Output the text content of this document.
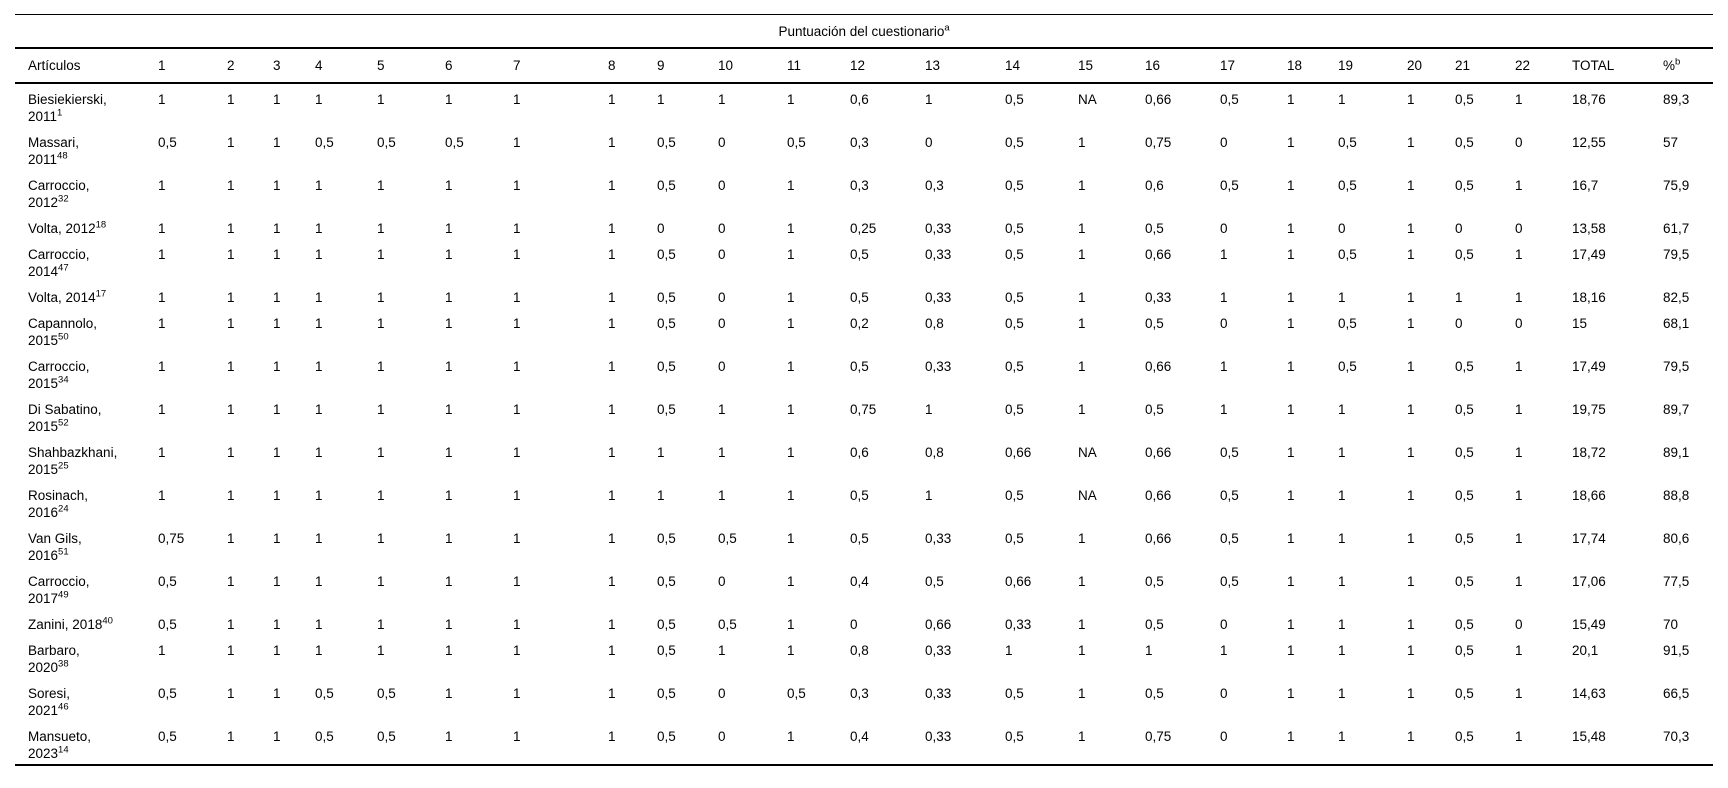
Puntuación del cuestionario$^a$
Artículos	1	2	3	4	5	6	7	8	9	10	11	12	13	14	15	16	17	18	19	20	21	22	TOTAL	%$^b$
Biesiekierski,
2011$^1$	1	1	1	1	1	1	1	1	1	1	1	0,6	1	0,5	NA	0,66	0,5	1	1	1	0,5	1	18,76	89,3
Massari,
2011$^{48}$	0,5	1	1	0,5	0,5	0,5	1	1	0,5	0	0,5	0,3	0	0,5	1	0,75	0	1	0,5	1	0,5	0	12,55	57
Carroccio,
2012$^{32}$	1	1	1	1	1	1	1	1	0,5	0	1	0,3	0,3	0,5	1	0,6	0,5	1	0,5	1	0,5	1	16,7	75,9
Volta, 2012$^{18}$	1	1	1	1	1	1	1	1	0	0	1	0,25	0,33	0,5	1	0,5	0	1	0	1	0	0	13,58	61,7
Carroccio,
2014$^{47}$	1	1	1	1	1	1	1	1	0,5	0	1	0,5	0,33	0,5	1	0,66	1	1	0,5	1	0,5	1	17,49	79,5
Volta, 2014$^{17}$	1	1	1	1	1	1	1	1	0,5	0	1	0,5	0,33	0,5	1	0,33	1	1	1	1	1	1	18,16	82,5
Capannolo,
2015$^{50}$	1	1	1	1	1	1	1	1	0,5	0	1	0,2	0,8	0,5	1	0,5	0	1	0,5	1	0	0	15	68,1
Carroccio,
2015$^{34}$	1	1	1	1	1	1	1	1	0,5	0	1	0,5	0,33	0,5	1	0,66	1	1	0,5	1	0,5	1	17,49	79,5
Di Sabatino,
2015$^{52}$	1	1	1	1	1	1	1	1	0,5	1	1	0,75	1	0,5	1	0,5	1	1	1	1	0,5	1	19,75	89,7
Shahbazkhani,
2015$^{25}$	1	1	1	1	1	1	1	1	1	1	1	0,6	0,8	0,66	NA	0,66	0,5	1	1	1	0,5	1	18,72	89,1
Rosinach,
2016$^{24}$	1	1	1	1	1	1	1	1	1	1	1	0,5	1	0,5	NA	0,66	0,5	1	1	1	0,5	1	18,66	88,8
Van Gils,
2016$^{51}$	0,75	1	1	1	1	1	1	1	0,5	0,5	1	0,5	0,33	0,5	1	0,66	0,5	1	1	1	0,5	1	17,74	80,6
Carroccio,
2017$^{49}$	0,5	1	1	1	1	1	1	1	0,5	0	1	0,4	0,5	0,66	1	0,5	0,5	1	1	1	0,5	1	17,06	77,5
Zanini, 2018$^{40}$	0,5	1	1	1	1	1	1	1	0,5	0,5	1	0	0,66	0,33	1	0,5	0	1	1	1	0,5	0	15,49	70
Barbaro,
2020$^{38}$	1	1	1	1	1	1	1	1	0,5	1	1	0,8	0,33	1	1	1	1	1	1	1	0,5	1	20,1	91,5
Soresi,
2021$^{46}$	0,5	1	1	0,5	0,5	1	1	1	0,5	0	0,5	0,3	0,33	0,5	1	0,5	0	1	1	1	0,5	1	14,63	66,5
Mansueto,
2023$^{14}$	0,5	1	1	0,5	0,5	1	1	1	0,5	0	1	0,4	0,33	0,5	1	0,75	0	1	1	1	0,5	1	15,48	70,3
